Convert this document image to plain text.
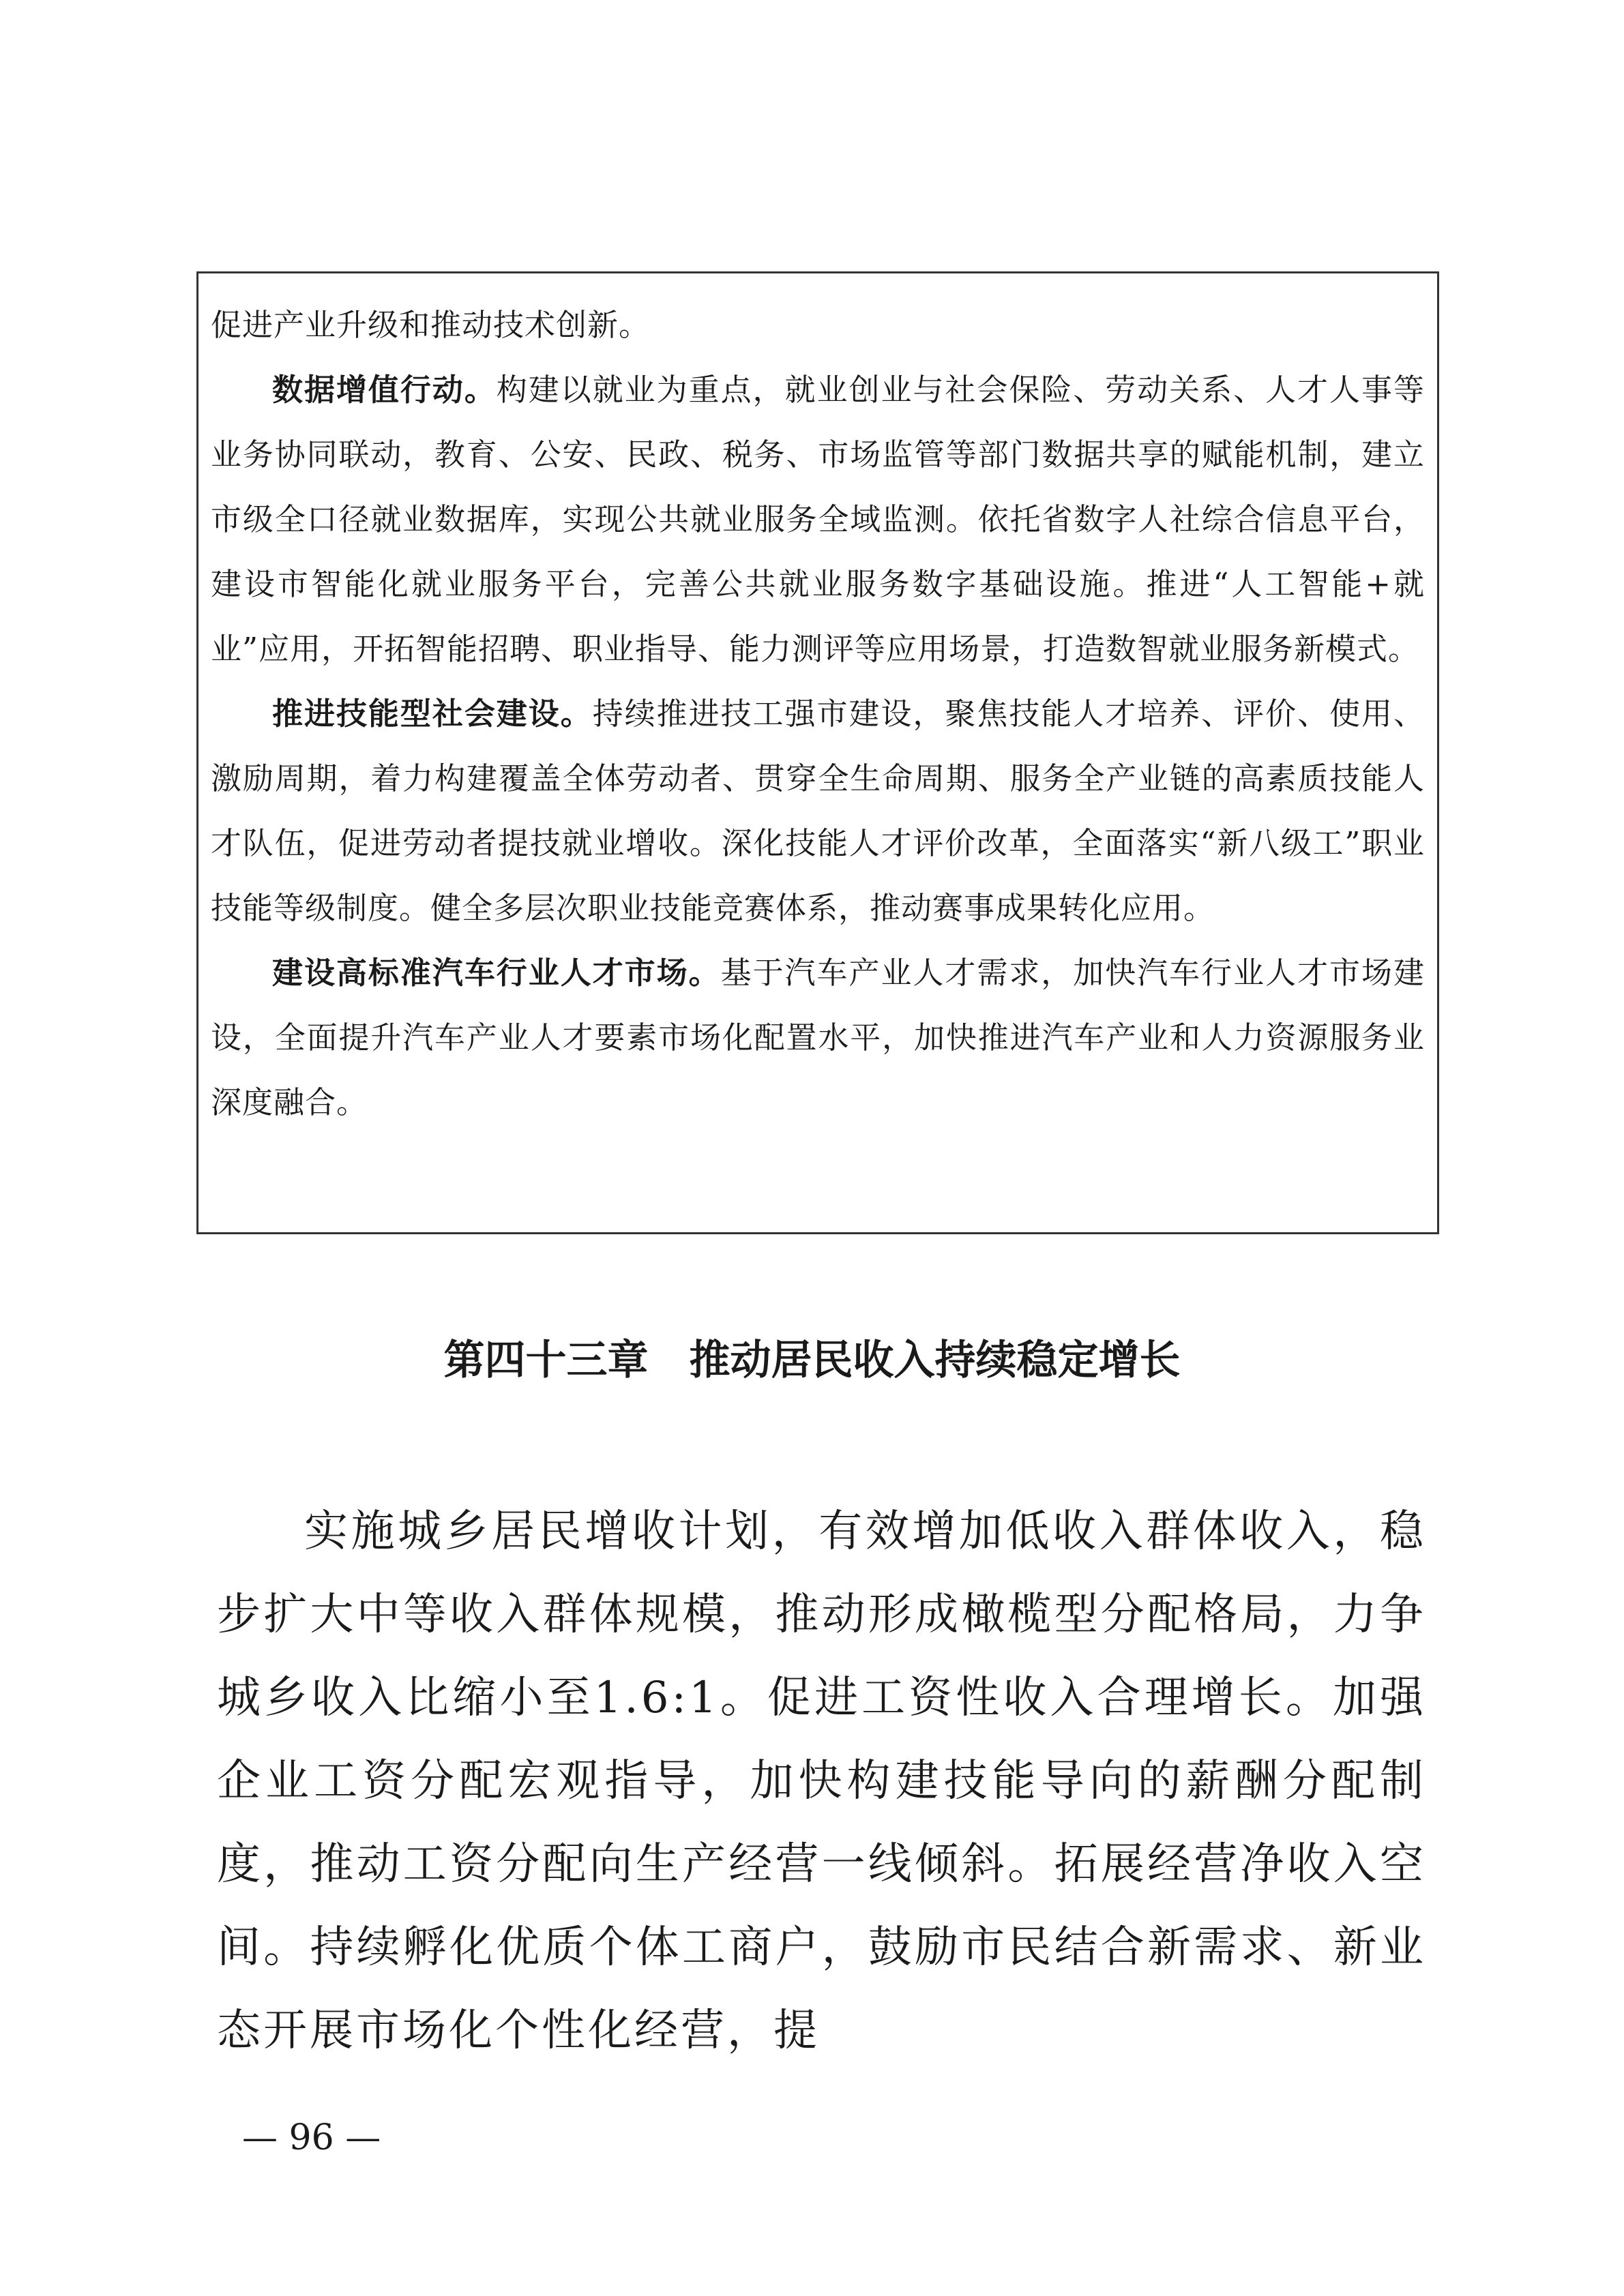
促进产业升级和推动技术创新。

数据增值行动。构建以就业为重点，就业创业与社会保险、劳动关系、人才人事等业务协同联动，教育、公安、民政、税务、市场监管等部门数据共享的赋能机制，建立市级全口径就业数据库，实现公共就业服务全域监测。依托省数字人社综合信息平台，建设市智能化就业服务平台，完善公共就业服务数字基础设施。推进“人工智能+就业”应用，开拓智能招聘、职业指导、能力测评等应用场景，打造数智就业服务新模式。

推进技能型社会建设。持续推进技工强市建设，聚焦技能人才培养、评价、使用、激励周期，着力构建覆盖全体劳动者、贯穿全生命周期、服务全产业链的高素质技能人才队伍，促进劳动者提技就业增收。深化技能人才评价改革，全面落实“新八级工”职业技能等级制度。健全多层次职业技能竞赛体系，推动赛事成果转化应用。

建设高标准汽车行业人才市场。基于汽车产业人才需求，加快汽车行业人才市场建设，全面提升汽车产业人才要素市场化配置水平，加快推进汽车产业和人力资源服务业深度融合。

第四十三章　推动居民收入持续稳定增长

实施城乡居民增收计划，有效增加低收入群体收入，稳步扩大中等收入群体规模，推动形成橄榄型分配格局，力争城乡收入比缩小至1.6:1。促进工资性收入合理增长。加强企业工资分配宏观指导，加快构建技能导向的薪酬分配制度，推动工资分配向生产经营一线倾斜。拓展经营净收入空间。持续孵化优质个体工商户，鼓励市民结合新需求、新业态开展市场化个性化经营，提

— 96 —
